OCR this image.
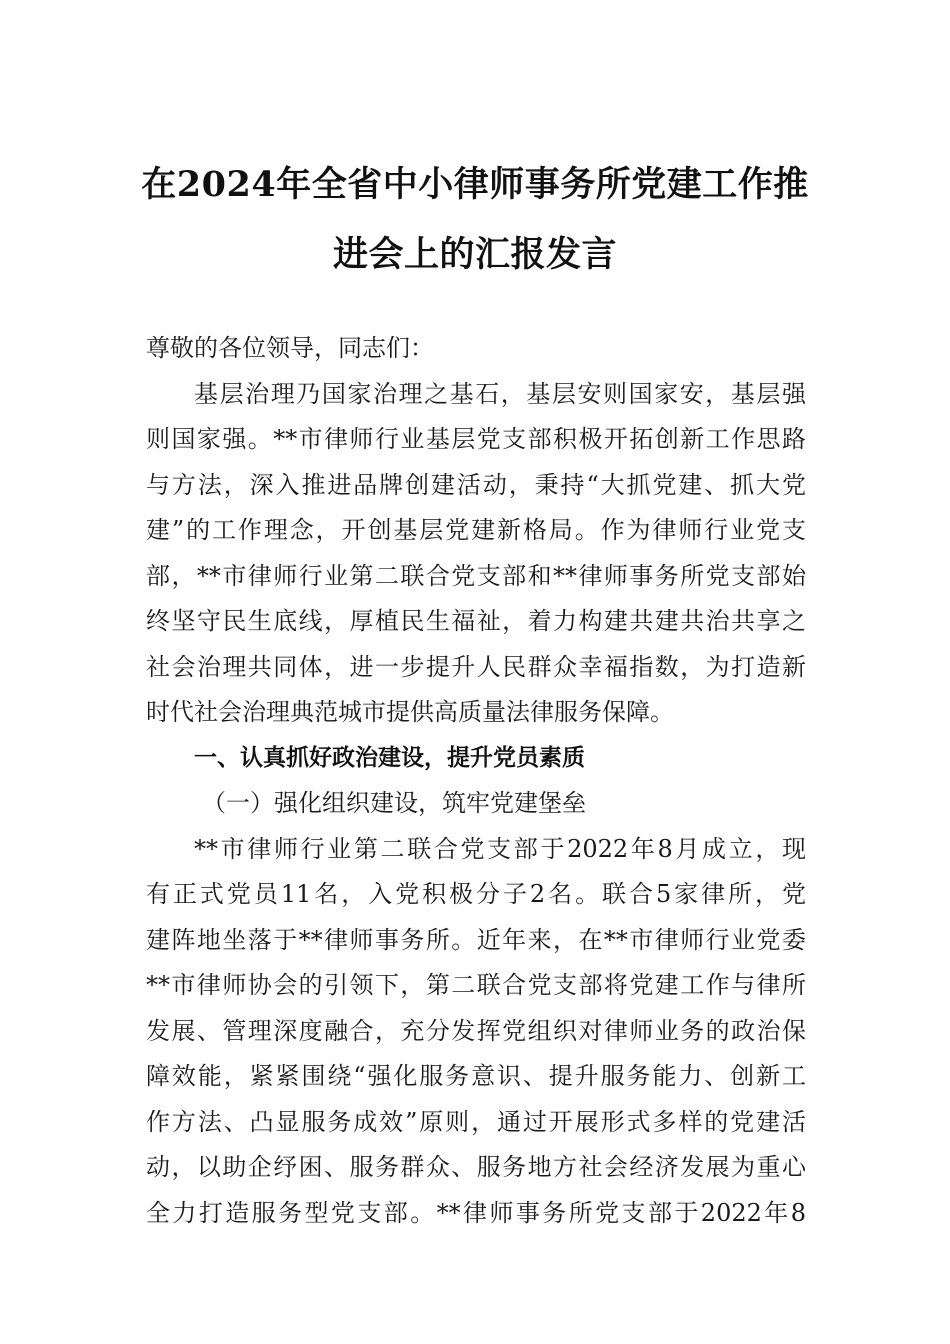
在2024年全省中小律师事务所党建工作推
进会上的汇报发言
尊敬的各位领导，同志们：
基层治理乃国家治理之基石，基层安则国家安，基层强
则国家强。**市律师行业基层党支部积极开拓创新工作思路
与方法，深入推进品牌创建活动，秉持“大抓党建、抓大党
建”的工作理念，开创基层党建新格局。作为律师行业党支
部，**市律师行业第二联合党支部和**律师事务所党支部始
终坚守民生底线，厚植民生福祉，着力构建共建共治共享之
社会治理共同体，进一步提升人民群众幸福指数，为打造新
时代社会治理典范城市提供高质量法律服务保障。
一、认真抓好政治建设，提升党员素质
（一）强化组织建设，筑牢党建堡垒
**市律师行业第二联合党支部于2022年8月成立，现
有正式党员11名，入党积极分子2名。联合5家律所，党
建阵地坐落于**律师事务所。近年来，在**市律师行业党委
**市律师协会的引领下，第二联合党支部将党建工作与律所
发展、管理深度融合，充分发挥党组织对律师业务的政治保
障效能，紧紧围绕“强化服务意识、提升服务能力、创新工
作方法、凸显服务成效”原则，通过开展形式多样的党建活
动，以助企纾困、服务群众、服务地方社会经济发展为重心
全力打造服务型党支部。**律师事务所党支部于2022年8
